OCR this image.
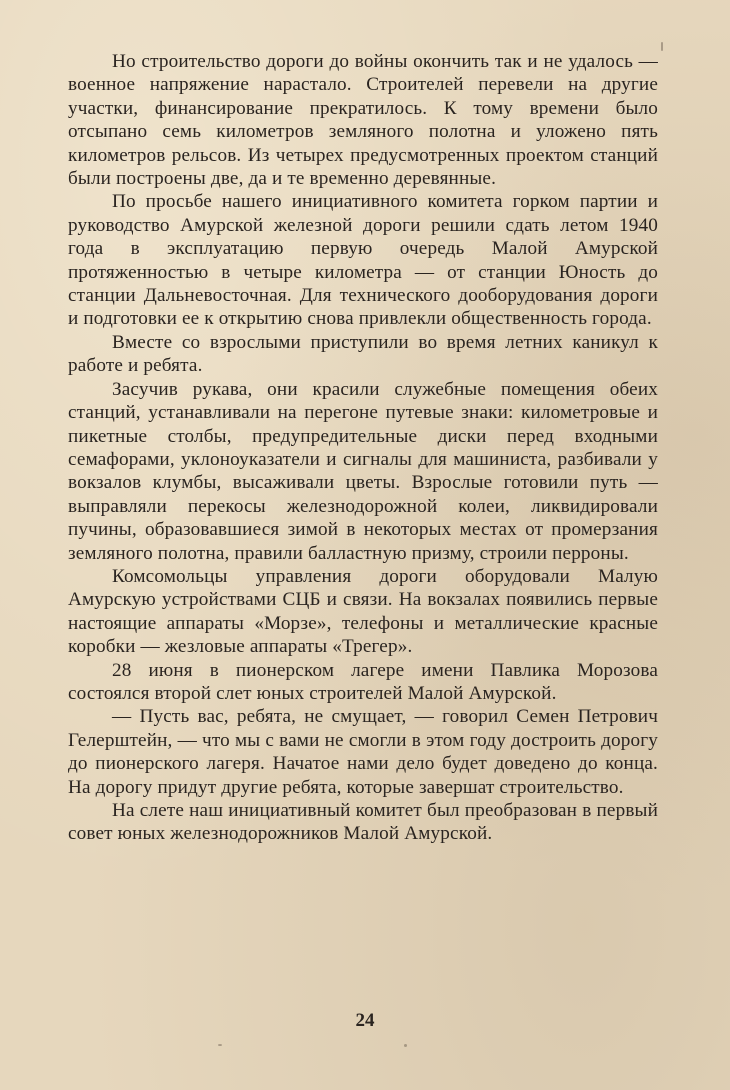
Но строительство дороги до войны окончить так и не удалось — военное напряжение нарастало. Строителей перевели на другие участки, финансирование прекратилось. К тому времени было отсыпано семь километров земляного полотна и уложено пять километров рельсов. Из четырех предусмотренных проектом станций были построены две, да и те временно деревянные.

По просьбе нашего инициативного комитета горком партии и руководство Амурской железной дороги решили сдать летом 1940 года в эксплуатацию первую очередь Малой Амурской протяженностью в четыре километра — от станции Юность до станции Дальневосточная. Для технического дооборудования дороги и подготовки ее к открытию снова привлекли общественность города.

Вместе со взрослыми приступили во время летних каникул к работе и ребята.

Засучив рукава, они красили служебные помещения обеих станций, устанавливали на перегоне путевые знаки: километровые и пикетные столбы, предупредительные диски перед входными семафорами, уклоноуказатели и сигналы для машиниста, разбивали у вокзалов клумбы, высаживали цветы. Взрослые готовили путь — выправляли перекосы железнодорожной колеи, ликвидировали пучины, образовавшиеся зимой в некоторых местах от промерзания земляного полотна, правили балластную призму, строили перроны.

Комсомольцы управления дороги оборудовали Малую Амурскую устройствами СЦБ и связи. На вокзалах появились первые настоящие аппараты «Морзе», телефоны и металлические красные коробки — жезловые аппараты «Трегер».

28 июня в пионерском лагере имени Павлика Морозова состоялся второй слет юных строителей Малой Амурской.

— Пусть вас, ребята, не смущает, — говорил Семен Петрович Гелерштейн, — что мы с вами не смогли в этом году достроить дорогу до пионерского лагеря. Начатое нами дело будет доведено до конца. На дорогу придут другие ребята, которые завершат строительство.

На слете наш инициативный комитет был преобразован в первый совет юных железнодорожников Малой Амурской.

24
